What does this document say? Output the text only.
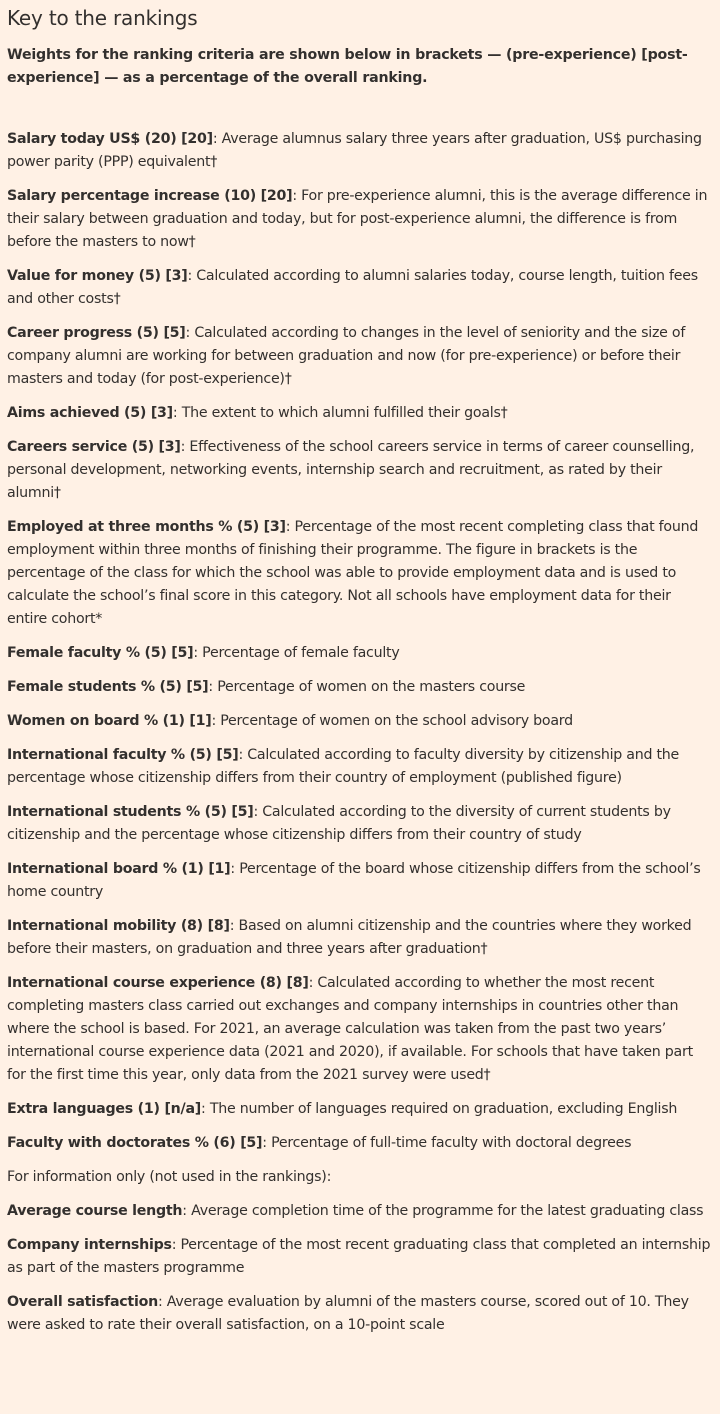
Key to the rankings

Weights for the ranking criteria are shown below in brackets — (pre-experience) [post-experience] — as a percentage of the overall ranking.

Salary today US$ (20) [20]: Average alumnus salary three years after graduation, US$ purchasing power parity (PPP) equivalent†

Salary percentage increase (10) [20]: For pre-experience alumni, this is the average difference in their salary between graduation and today, but for post-experience alumni, the difference is from before the masters to now†

Value for money (5) [3]: Calculated according to alumni salaries today, course length, tuition fees and other costs†

Career progress (5) [5]: Calculated according to changes in the level of seniority and the size of company alumni are working for between graduation and now (for pre-experience) or before their masters and today (for post-experience)†

Aims achieved (5) [3]: The extent to which alumni fulfilled their goals†

Careers service (5) [3]: Effectiveness of the school careers service in terms of career counselling, personal development, networking events, internship search and recruitment, as rated by their alumni†

Employed at three months % (5) [3]: Percentage of the most recent completing class that found employment within three months of finishing their programme. The figure in brackets is the percentage of the class for which the school was able to provide employment data and is used to calculate the school’s final score in this category. Not all schools have employment data for their entire cohort*

Female faculty % (5) [5]: Percentage of female faculty

Female students % (5) [5]: Percentage of women on the masters course

Women on board % (1) [1]: Percentage of women on the school advisory board

International faculty % (5) [5]: Calculated according to faculty diversity by citizenship and the percentage whose citizenship differs from their country of employment (published figure)

International students % (5) [5]: Calculated according to the diversity of current students by citizenship and the percentage whose citizenship differs from their country of study

International board % (1) [1]: Percentage of the board whose citizenship differs from the school’s home country

International mobility (8) [8]: Based on alumni citizenship and the countries where they worked before their masters, on graduation and three years after graduation†

International course experience (8) [8]: Calculated according to whether the most recent completing masters class carried out exchanges and company internships in countries other than where the school is based. For 2021, an average calculation was taken from the past two years’ international course experience data (2021 and 2020), if available. For schools that have taken part for the first time this year, only data from the 2021 survey were used†

Extra languages (1) [n/a]: The number of languages required on graduation, excluding English

Faculty with doctorates % (6) [5]: Percentage of full-time faculty with doctoral degrees

For information only (not used in the rankings):

Average course length: Average completion time of the programme for the latest graduating class

Company internships: Percentage of the most recent graduating class that completed an internship as part of the masters programme

Overall satisfaction: Average evaluation by alumni of the masters course, scored out of 10. They were asked to rate their overall satisfaction, on a 10-point scale
